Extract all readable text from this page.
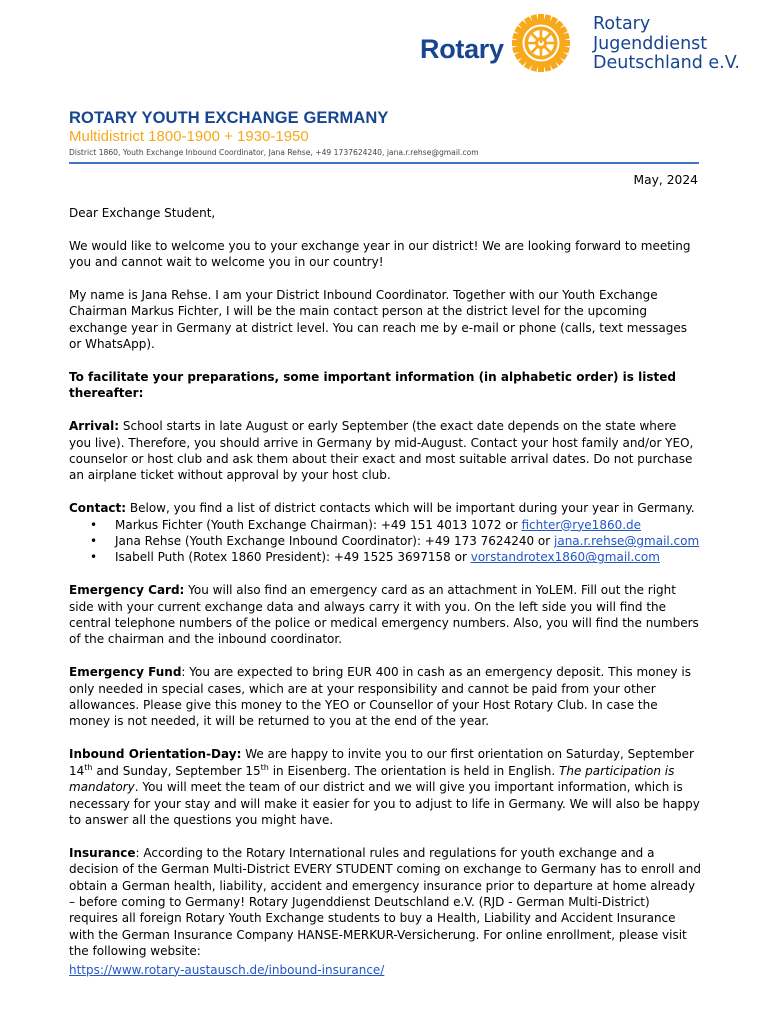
Rotary
Rotary
Jugenddienst
Deutschland e.V.
ROTARY YOUTH EXCHANGE GERMANY
Multidistrict 1800-1900 + 1930-1950
District 1860, Youth Exchange Inbound Coordinator, Jana Rehse, +49 1737624240, jana.r.rehse@gmail.com
May, 2024

Dear Exchange Student,

We would like to welcome you to your exchange year in our district! We are looking forward to meeting you and cannot wait to welcome you in our country!

My name is Jana Rehse. I am your District Inbound Coordinator. Together with our Youth Exchange Chairman Markus Fichter, I will be the main contact person at the district level for the upcoming exchange year in Germany at district level. You can reach me by e-mail or phone (calls, text messages or WhatsApp).

To facilitate your preparations, some important information (in alphabetic order) is listed thereafter:

Arrival: School starts in late August or early September (the exact date depends on the state where you live). Therefore, you should arrive in Germany by mid-August. Contact your host family and/or YEO, counselor or host club and ask them about their exact and most suitable arrival dates. Do not purchase an airplane ticket without approval by your host club.

Contact: Below, you find a list of district contacts which will be important during your year in Germany.

• Markus Fichter (Youth Exchange Chairman): +49 151 4013 1072 or fichter@rye1860.de
• Jana Rehse (Youth Exchange Inbound Coordinator): +49 173 7624240 or jana.r.rehse@gmail.com
• Isabell Puth (Rotex 1860 President): +49 1525 3697158 or vorstandrotex1860@gmail.com

Emergency Card: You will also find an emergency card as an attachment in YoLEM. Fill out the right side with your current exchange data and always carry it with you. On the left side you will find the central telephone numbers of the police or medical emergency numbers. Also, you will find the numbers of the chairman and the inbound coordinator.

Emergency Fund: You are expected to bring EUR 400 in cash as an emergency deposit. This money is only needed in special cases, which are at your responsibility and cannot be paid from your other allowances. Please give this money to the YEO or Counsellor of your Host Rotary Club. In case the money is not needed, it will be returned to you at the end of the year.

Inbound Orientation-Day: We are happy to invite you to our first orientation on Saturday, September 14th and Sunday, September 15th in Eisenberg. The orientation is held in English. The participation is mandatory. You will meet the team of our district and we will give you important information, which is necessary for your stay and will make it easier for you to adjust to life in Germany. We will also be happy to answer all the questions you might have.

Insurance: According to the Rotary International rules and regulations for youth exchange and a decision of the German Multi-District EVERY STUDENT coming on exchange to Germany has to enroll and obtain a German health, liability, accident and emergency insurance prior to departure at home already – before coming to Germany! Rotary Jugenddienst Deutschland e.V. (RJD - German Multi-District) requires all foreign Rotary Youth Exchange students to buy a Health, Liability and Accident Insurance with the German Insurance Company HANSE-MERKUR-Versicherung. For online enrollment, please visit the following website:

https://www.rotary-austausch.de/inbound-insurance/
